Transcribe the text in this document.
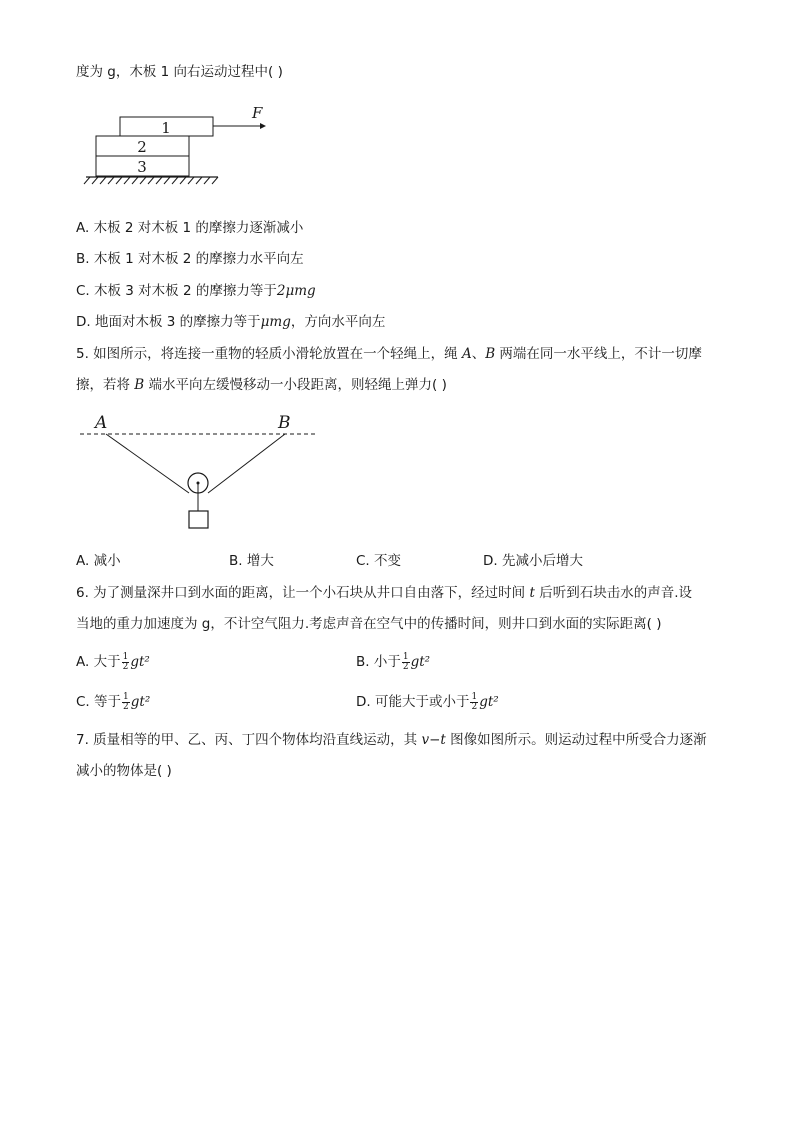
度为 g，木板 1 向右运动过程中( )
F
1
2
3
A. 木板 2 对木板 1 的摩擦力逐渐减小
B. 木板 1 对木板 2 的摩擦力水平向左
C. 木板 3 对木板 2 的摩擦力等于2μmg
D. 地面对木板 3 的摩擦力等于μmg，方向水平向左
5. 如图所示，将连接一重物的轻质小滑轮放置在一个轻绳上，绳 A、B 两端在同一水平线上，不计一切摩
擦，若将 B 端水平向左缓慢移动一小段距离，则轻绳上弹力( )
A	B
A. 减小	B. 增大	C. 不变	D. 先减小后增大
6. 为了测量深井口到水面的距离，让一个小石块从井口自由落下，经过时间 t 后听到石块击水的声音.设
当地的重力加速度为 g，不计空气阻力.考虑声音在空气中的传播时间，则井口到水面的实际距离( )
A. 大于 $\frac{1}{2} gt^2$	B. 小于 $\frac{1}{2} gt^2$
C. 等于 $\frac{1}{2} gt^2$	D. 可能大于或小于 $\frac{1}{2} gt^2$
7. 质量相等的甲、乙、丙、丁四个物体均沿直线运动，其 v−t 图像如图所示。则运动过程中所受合力逐渐
减小的物体是( )
